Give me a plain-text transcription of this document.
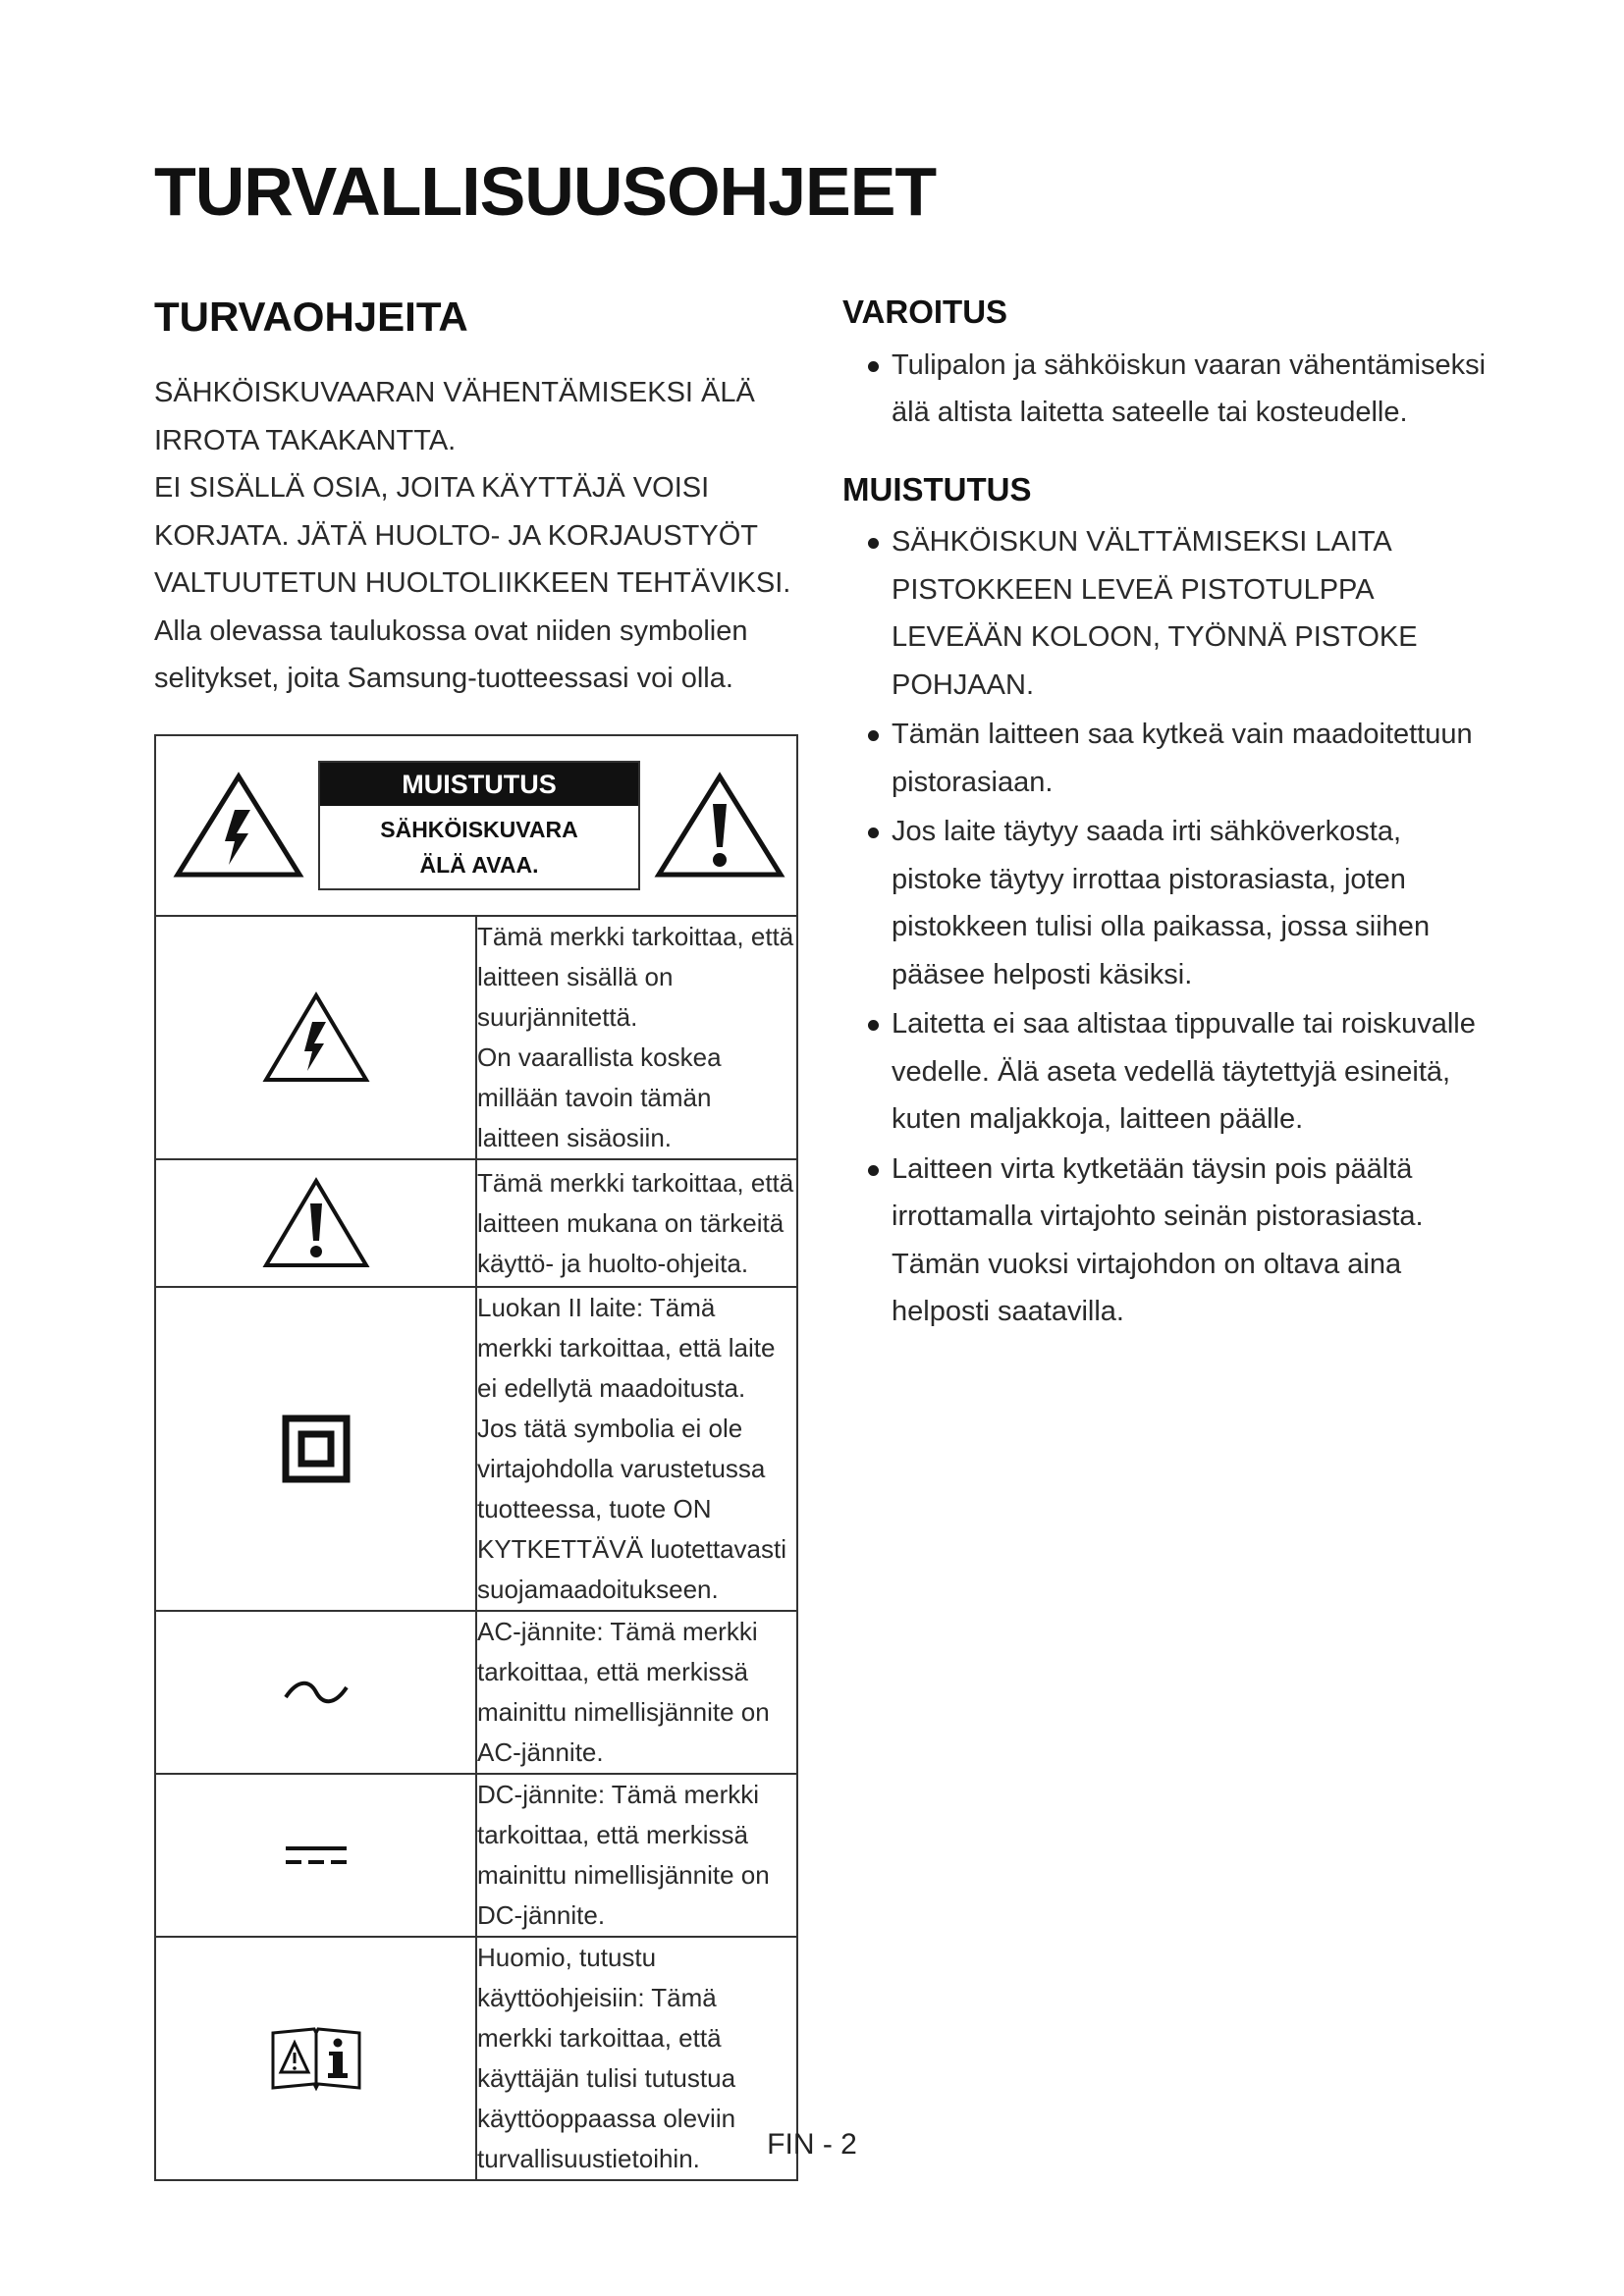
TURVALLISUUSOHJEET
TURVAOHJEITA

SÄHKÖISKUVAARAN VÄHENTÄMISEKSI ÄLÄ IRROTA TAKAKANTTA.

EI SISÄLLÄ OSIA, JOITA KÄYTTÄJÄ VOISI KORJATA. JÄTÄ HUOLTO- JA KORJAUSTYÖT VALTUUTETUN HUOLTOLIIKKEEN TEHTÄVIKSI.

Alla olevassa taulukossa ovat niiden symbolien selitykset, joita Samsung-tuotteessasi voi olla.

MUISTUTUS

SÄHKÖISKUVARA

ÄLÄ AVAA.	

Tämä merkki tarkoittaa, että laitteen sisällä on suurjännitettä.

On vaarallista koskea millään tavoin tämän laitteen sisäosiin.

Tämä merkki tarkoittaa, että laitteen mukana on tärkeitä käyttö- ja huolto-ohjeita.

Luokan II laite: Tämä merkki tarkoittaa, että laite ei edellytä maadoitusta.

Jos tätä symbolia ei ole virtajohdolla varustetussa tuotteessa, tuote ON KYTKETTÄVÄ luotettavasti suojamaadoitukseen.

AC-jännite: Tämä merkki tarkoittaa, että merkissä mainittu nimellisjännite on AC-jännite.

DC-jännite: Tämä merkki tarkoittaa, että merkissä mainittu nimellisjännite on DC-jännite.

Huomio, tutustu käyttöohjeisiin: Tämä merkki tarkoittaa, että käyttäjän tulisi tutustua käyttöoppaassa oleviin turvallisuustietoihin.

VAROITUS
Tulipalon ja sähköiskun vaaran vähentämiseksi älä altista laitetta sateelle tai kosteudelle.
MUISTUTUS
SÄHKÖISKUN VÄLTTÄMISEKSI LAITA PISTOKKEEN LEVEÄ PISTOTULPPA LEVEÄÄN KOLOON, TYÖNNÄ PISTOKE POHJAAN.
Tämän laitteen saa kytkeä vain maadoitettuun pistorasiaan.
Jos laite täytyy saada irti sähköverkosta, pistoke täytyy irrottaa pistorasiasta, joten pistokkeen tulisi olla paikassa, jossa siihen pääsee helposti käsiksi.
Laitetta ei saa altistaa tippuvalle tai roiskuvalle vedelle. Älä aseta vedellä täytettyjä esineitä, kuten maljakkoja, laitteen päälle.
Laitteen virta kytketään täysin pois päältä irrottamalla virtajohto seinän pistorasiasta. Tämän vuoksi virtajohdon on oltava aina helposti saatavilla.
FIN - 2
